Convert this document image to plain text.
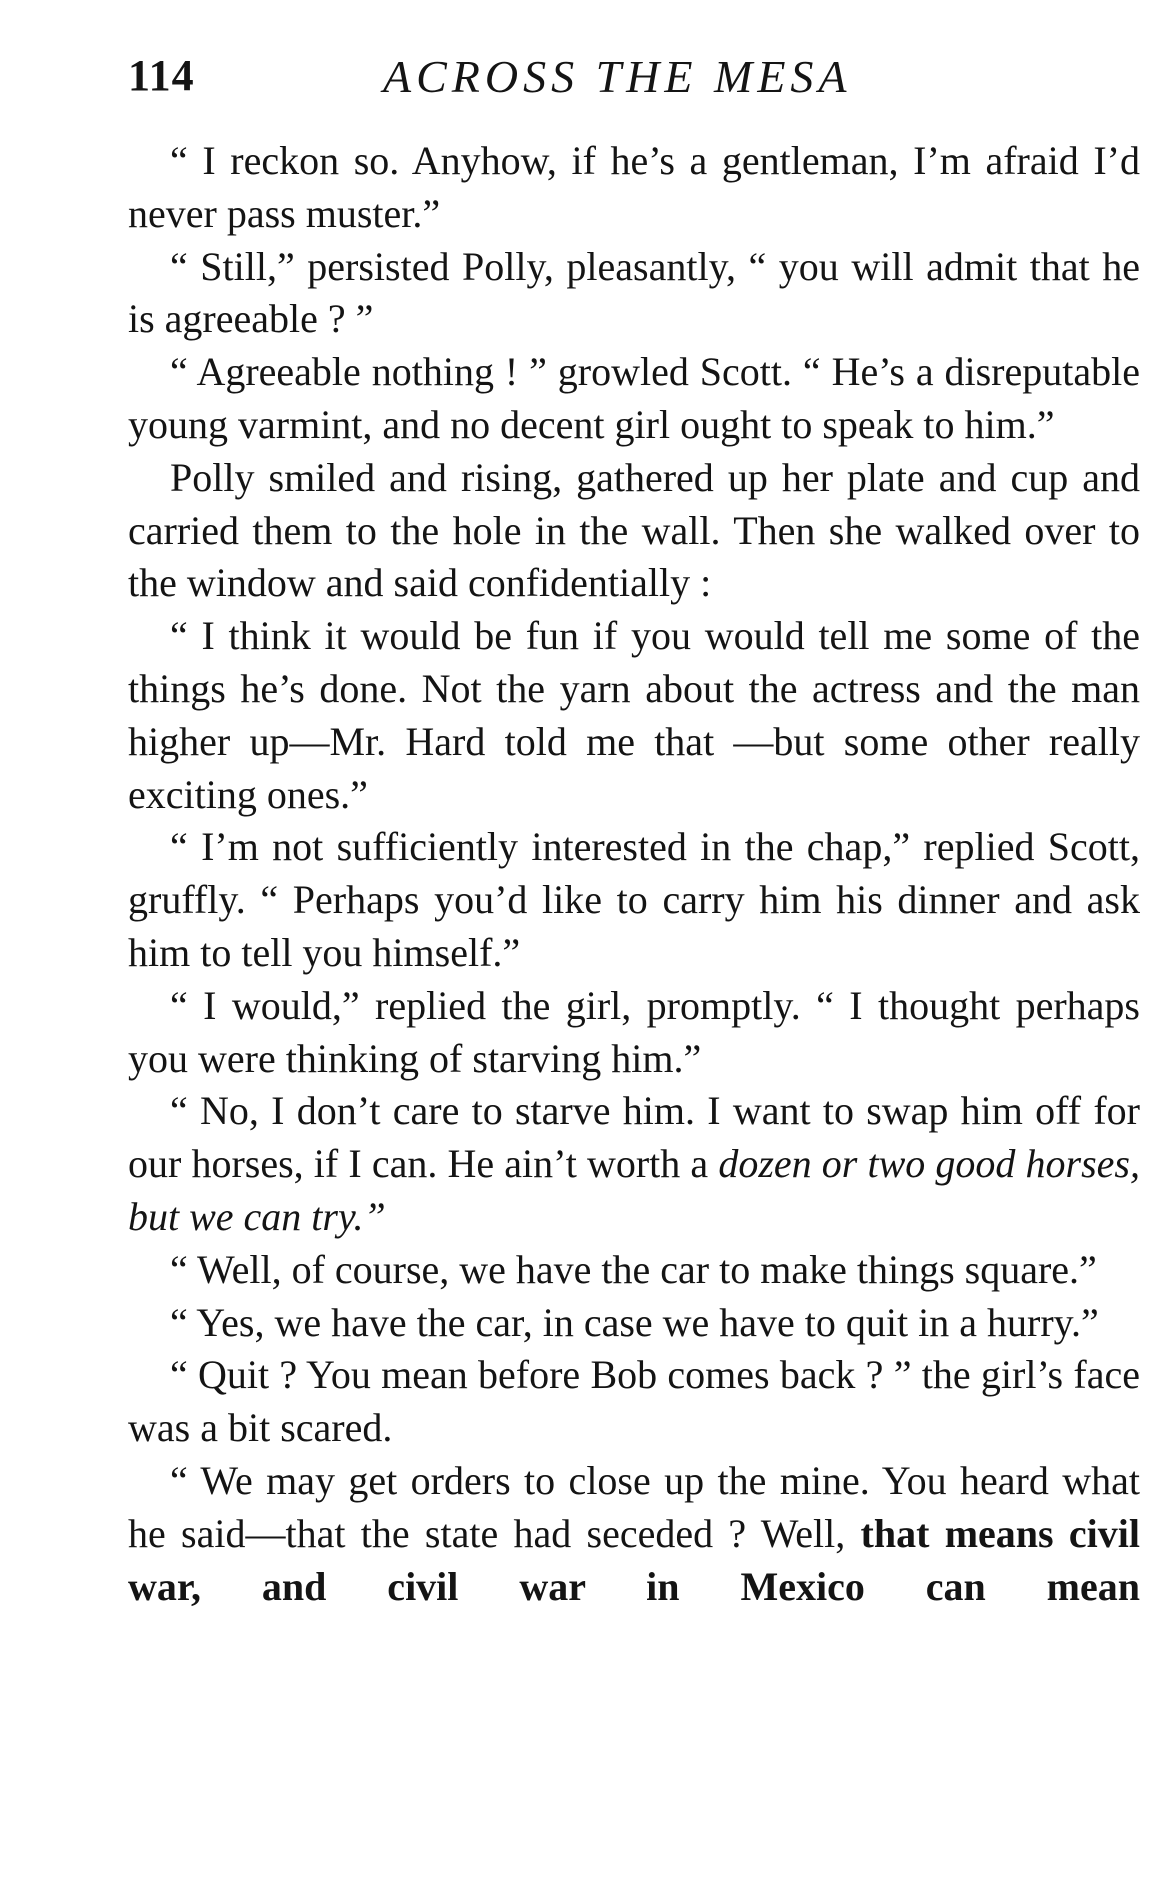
114	ACROSS THE MESA

“ I reckon so. Anyhow, if he’s a gentleman, I’m afraid I’d never pass muster.”

“ Still,” persisted Polly, pleasantly, “ you will admit that he is agreeable ? ”

“ Agreeable nothing ! ” growled Scott. “ He’s a disreputable young varmint, and no decent girl ought to speak to him.”

Polly smiled and rising, gathered up her plate and cup and carried them to the hole in the wall. Then she walked over to the window and said confidentially :

“ I think it would be fun if you would tell me some of the things he’s done. Not the yarn about the actress and the man higher up—Mr. Hard told me that —but some other really exciting ones.”

“ I’m not sufficiently interested in the chap,” replied Scott, gruffly. “ Perhaps you’d like to carry him his dinner and ask him to tell you himself.”

“ I would,” replied the girl, promptly. “ I thought perhaps you were thinking of starving him.”

“ No, I don’t care to starve him. I want to swap him off for our horses, if I can. He ain’t worth a dozen or two good horses, but we can try.”

“ Well, of course, we have the car to make things square.”

“ Yes, we have the car, in case we have to quit in a hurry.”

“ Quit ? You mean before Bob comes back ? ” the girl’s face was a bit scared.

“ We may get orders to close up the mine. You heard what he said—that the state had seceded ? Well, that means civil war, and civil war in Mexico can mean
